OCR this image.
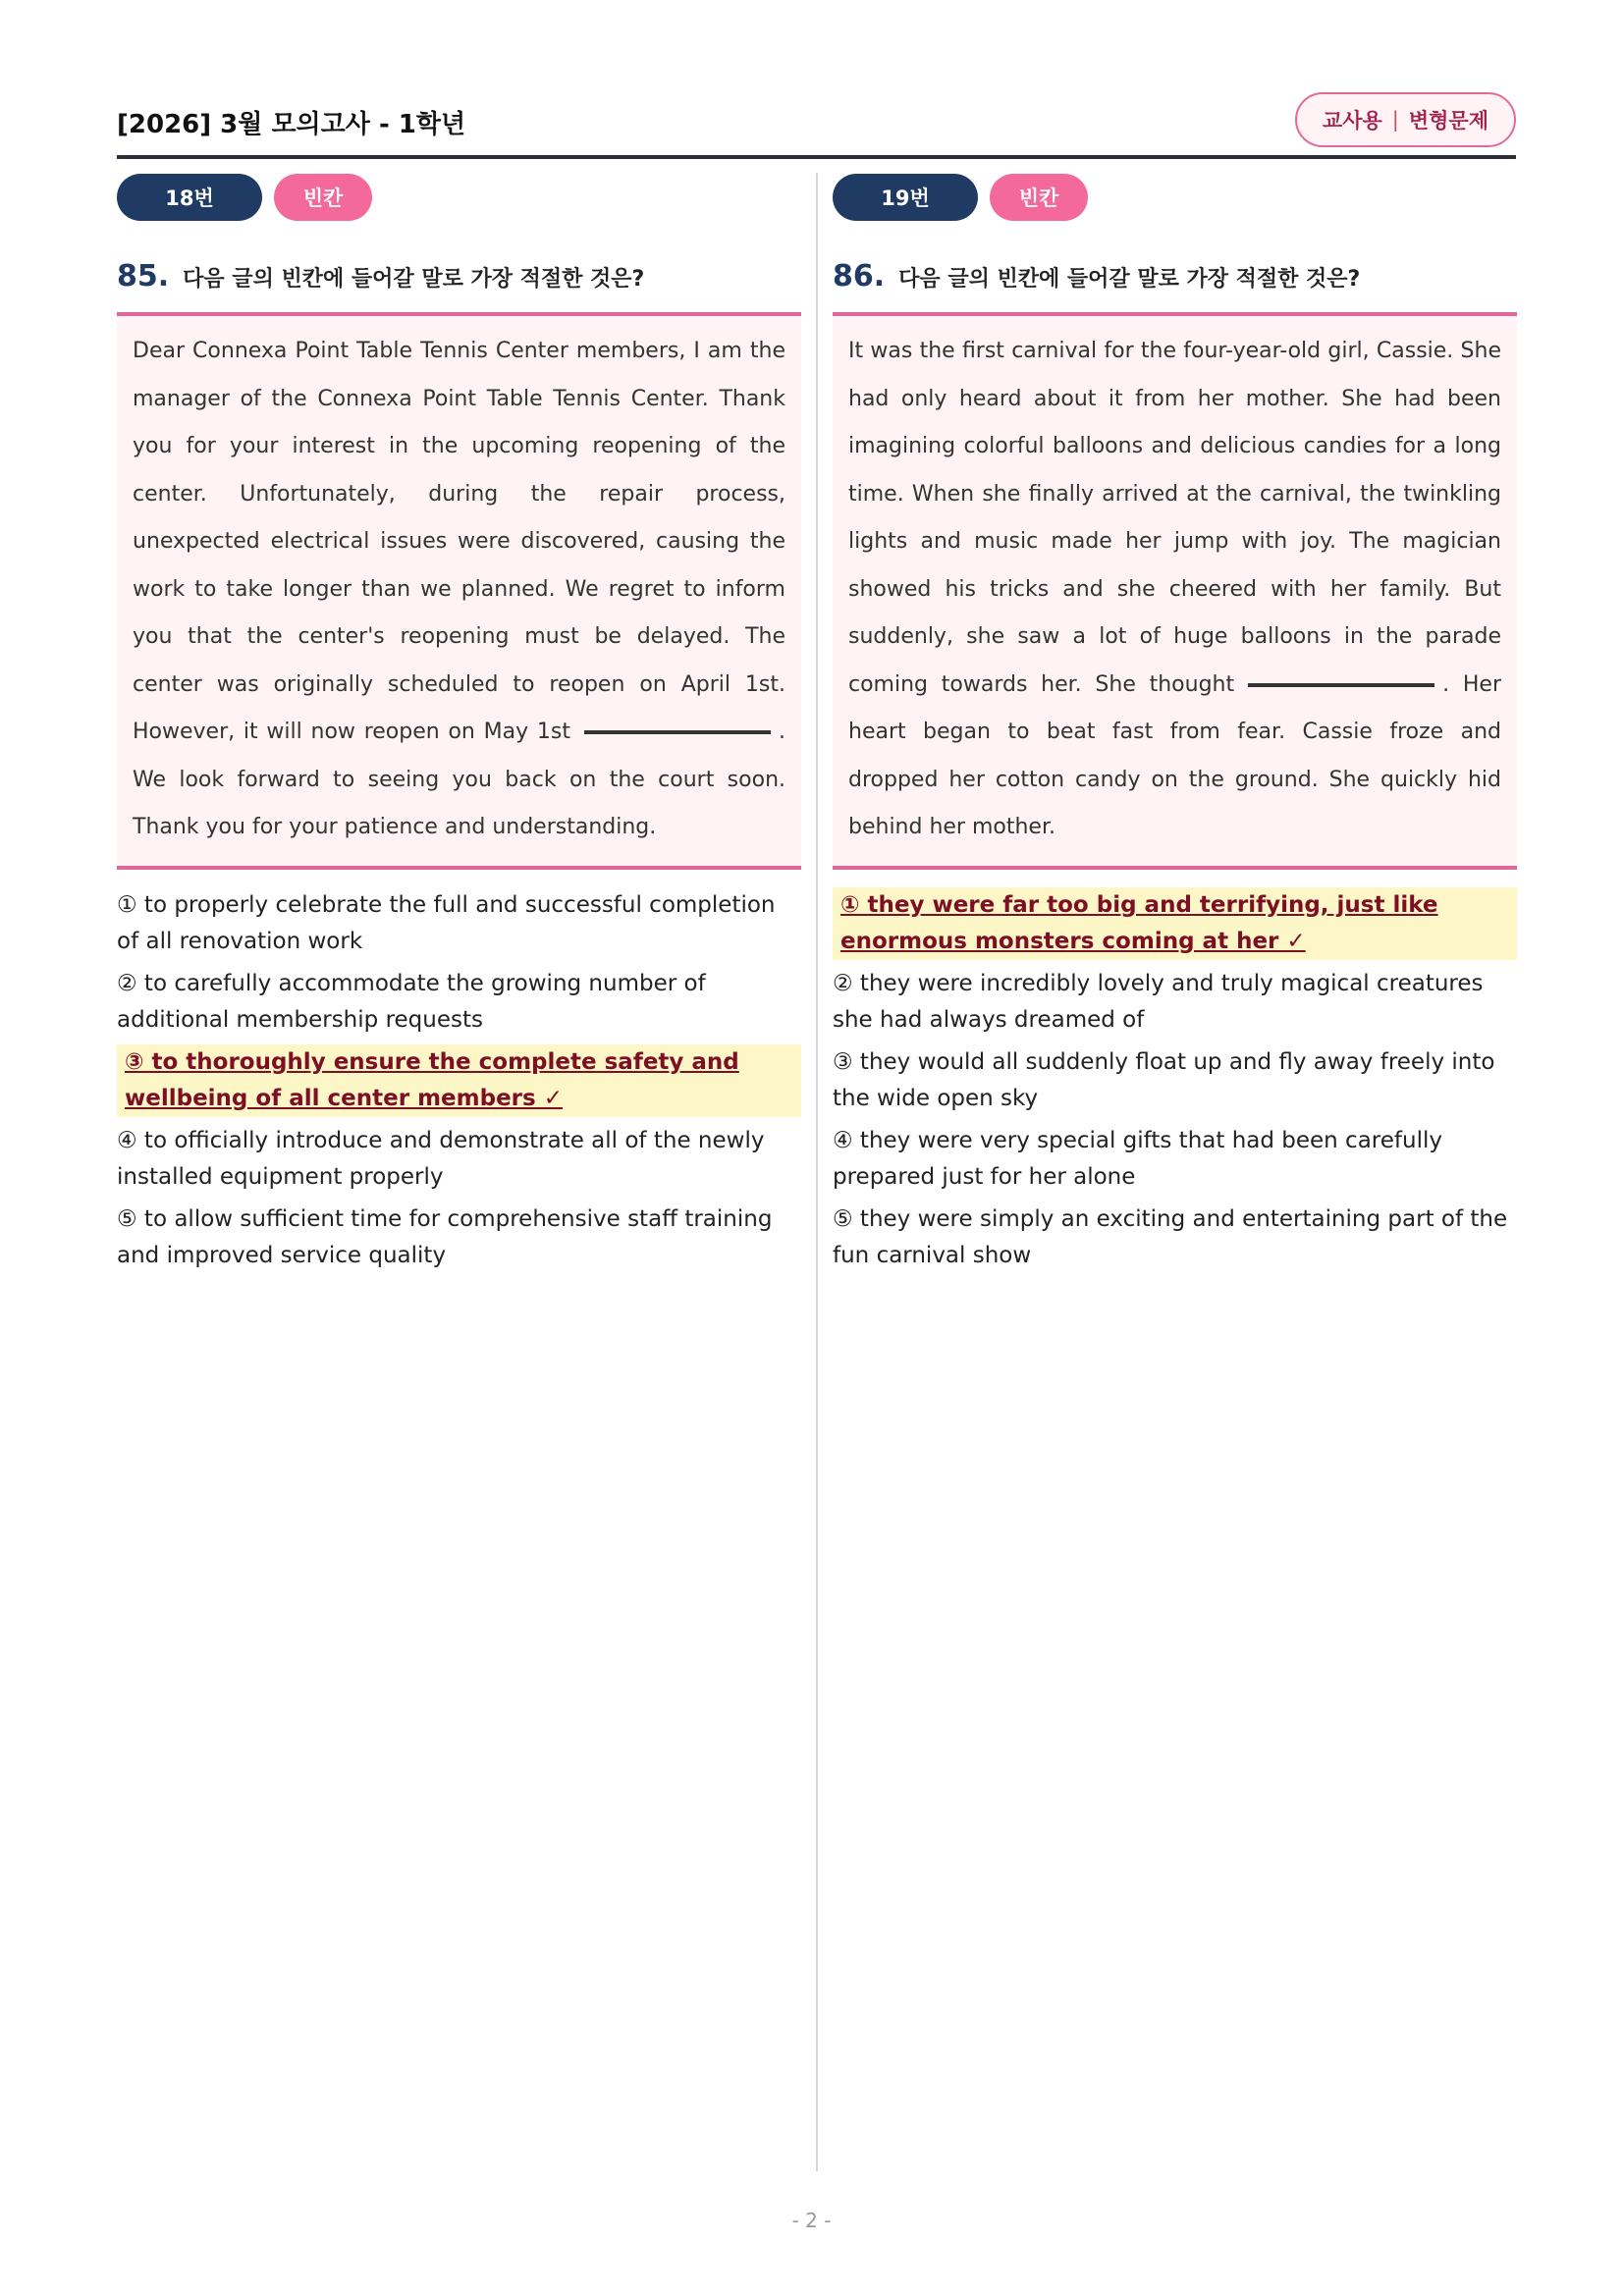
[2026] 3월 모의고사 - 1학년	교사용 | 변형문제
18번	빈칸
85. 다음 글의 빈칸에 들어갈 말로 가장 적절한 것은?
Dear Connexa Point Table Tennis Center members, I am the manager of the Connexa Point Table Tennis Center. Thank you for your interest in the upcoming reopening of the center. Unfortunately, during the repair process, unexpected electrical issues were discovered, causing the work to take longer than we planned. We regret to inform you that the center's reopening must be delayed. The center was originally scheduled to reopen on April 1st. However, it will now reopen on May 1st	. We look forward to seeing you back on the court soon. Thank you for your patience and understanding.
① to properly celebrate the full and successful completion of all renovation work
② to carefully accommodate the growing number of additional membership requests
③ to thoroughly ensure the complete safety and wellbeing of all center members ✓
④ to officially introduce and demonstrate all of the newly installed equipment properly
⑤ to allow sufficient time for comprehensive staff training and improved service quality
19번	빈칸
86. 다음 글의 빈칸에 들어갈 말로 가장 적절한 것은?
It was the first carnival for the four-year-old girl, Cassie. She had only heard about it from her mother. She had been imagining colorful balloons and delicious candies for a long time. When she finally arrived at the carnival, the twinkling lights and music made her jump with joy. The magician showed his tricks and she cheered with her family. But suddenly, she saw a lot of huge balloons in the parade coming towards her. She thought	. Her heart began to beat fast from fear. Cassie froze and dropped her cotton candy on the ground. She quickly hid behind her mother.
① they were far too big and terrifying, just like enormous monsters coming at her ✓
② they were incredibly lovely and truly magical creatures she had always dreamed of
③ they would all suddenly float up and fly away freely into the wide open sky
④ they were very special gifts that had been carefully prepared just for her alone
⑤ they were simply an exciting and entertaining part of the fun carnival show
- 2 -
